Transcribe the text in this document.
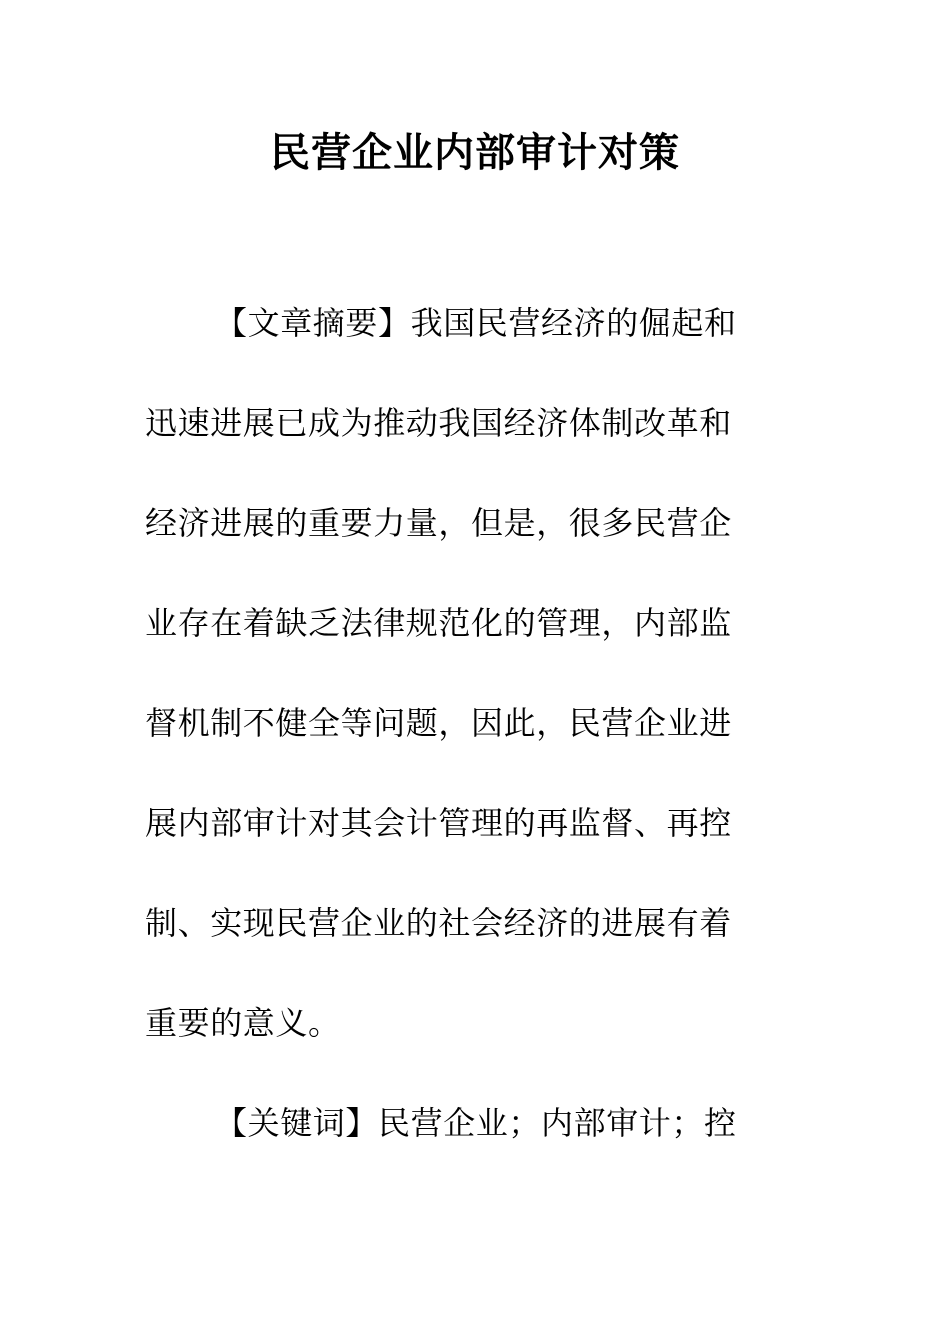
民营企业内部审计对策
【文章摘要】我国民营经济的倔起和
迅速进展已成为推动我国经济体制改革和
经济进展的重要力量，但是，很多民营企
业存在着缺乏法律规范化的管理，内部监
督机制不健全等问题，因此，民营企业进
展内部审计对其会计管理的再监督、再控
制、实现民营企业的社会经济的进展有着
重要的意义。
【关键词】民营企业；内部审计；控
